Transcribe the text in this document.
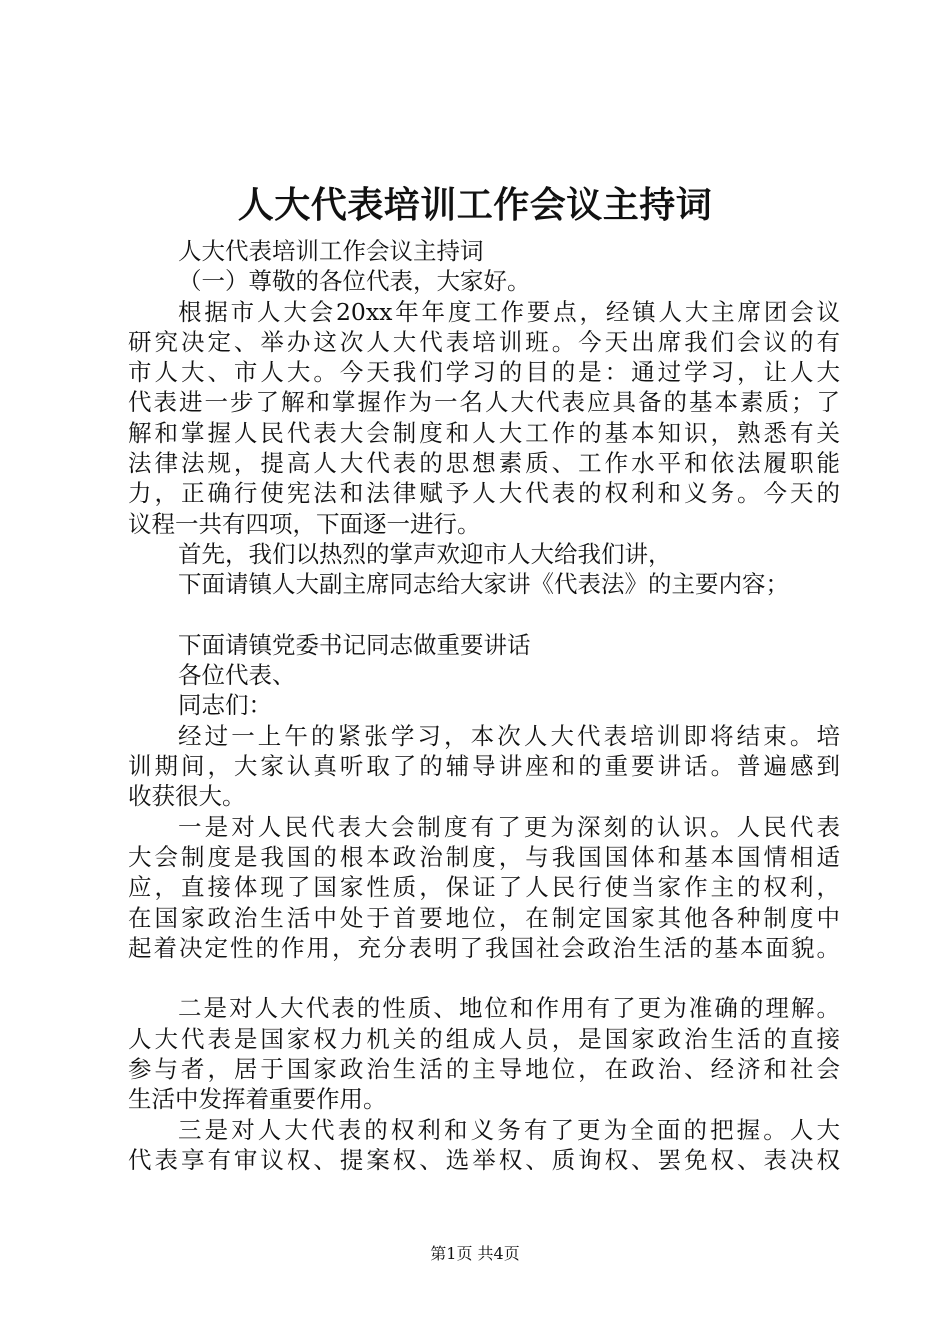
人大代表培训工作会议主持词
人大代表培训工作会议主持词
（一）尊敬的各位代表，大家好。
根据市人大会20xx年年度工作要点，经镇人大主席团会议
研究决定、举办这次人大代表培训班。今天出席我们会议的有
市人大、市人大。今天我们学习的目的是：通过学习，让人大
代表进一步了解和掌握作为一名人大代表应具备的基本素质；了
解和掌握人民代表大会制度和人大工作的基本知识，熟悉有关
法律法规，提高人大代表的思想素质、工作水平和依法履职能
力，正确行使宪法和法律赋予人大代表的权利和义务。今天的
议程一共有四项，下面逐一进行。
首先，我们以热烈的掌声欢迎市人大给我们讲，
下面请镇人大副主席同志给大家讲《代表法》的主要内容；
下面请镇党委书记同志做重要讲话
各位代表、
同志们：
经过一上午的紧张学习，本次人大代表培训即将结束。培
训期间，大家认真听取了的辅导讲座和的重要讲话。普遍感到
收获很大。
一是对人民代表大会制度有了更为深刻的认识。人民代表
大会制度是我国的根本政治制度，与我国国体和基本国情相适
应，直接体现了国家性质，保证了人民行使当家作主的权利，
在国家政治生活中处于首要地位，在制定国家其他各种制度中
起着决定性的作用，充分表明了我国社会政治生活的基本面貌。
二是对人大代表的性质、地位和作用有了更为准确的理解。
人大代表是国家权力机关的组成人员，是国家政治生活的直接
参与者，居于国家政治生活的主导地位，在政治、经济和社会
生活中发挥着重要作用。
三是对人大代表的权利和义务有了更为全面的把握。人大
代表享有审议权、提案权、选举权、质询权、罢免权、表决权
第1页 共4页
